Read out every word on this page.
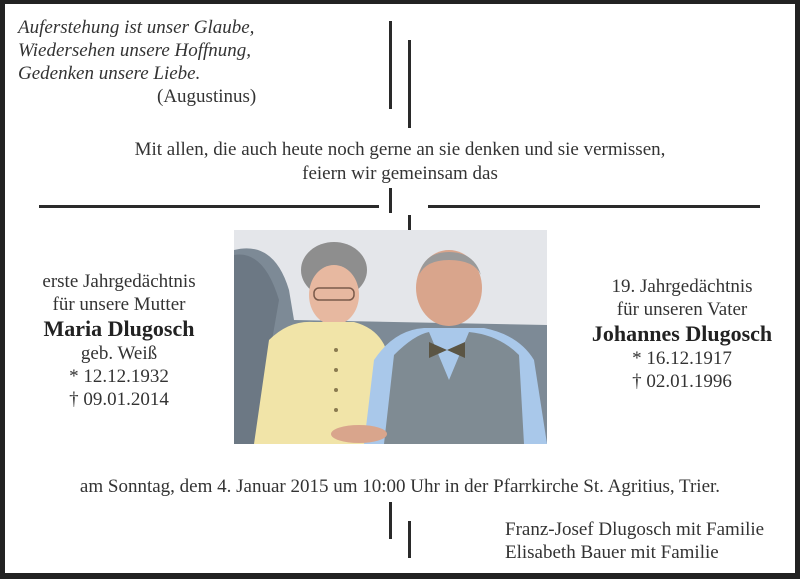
Auferstehung ist unser Glaube,
Wiedersehen unsere Hoffnung,
Gedenken unsere Liebe.
(Augustinus)
Mit allen, die auch heute noch gerne an sie denken und sie vermissen,
feiern wir gemeinsam das
erste Jahrgedächtnis
für unsere Mutter
Maria Dlugosch
geb. Weiß
* 12.12.1932
† 09.01.2014
19. Jahrgedächtnis
für unseren Vater
Johannes Dlugosch
* 16.12.1917
† 02.01.1996
am Sonntag, dem 4. Januar 2015 um 10:00 Uhr in der Pfarrkirche St. Agritius, Trier.
Franz-Josef Dlugosch mit Familie
Elisabeth Bauer mit Familie
